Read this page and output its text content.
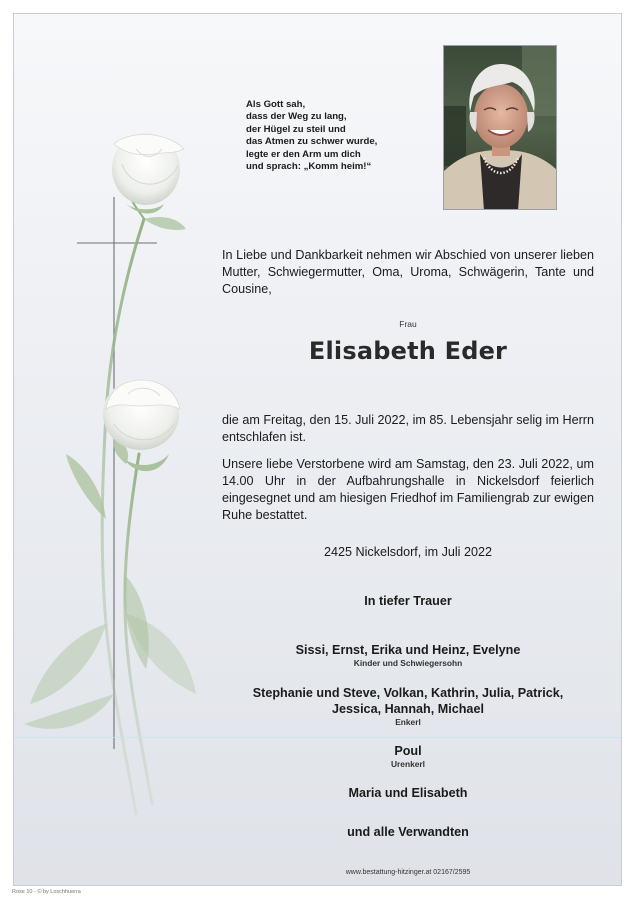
Als Gott sah,
dass der Weg zu lang,
der Hügel zu steil und
das Atmen zu schwer wurde,
legte er den Arm um dich
und sprach: „Komm heim!“
In Liebe und Dankbarkeit nehmen wir Abschied von unserer lieben Mutter, Schwiegermutter, Oma, Uroma, Schwägerin, Tante und Cousine,
Frau
Elisabeth Eder
die am Freitag, den 15. Juli 2022, im 85. Lebensjahr selig im Herrn entschlafen ist.
Unsere liebe Verstorbene wird am Samstag, den 23. Juli 2022, um 14.00 Uhr in der Aufbahrungshalle in Nickelsdorf feierlich eingesegnet und am hiesigen Friedhof im Familiengrab zur ewigen Ruhe bestattet.
2425 Nickelsdorf, im Juli 2022
In tiefer Trauer
Sissi, Ernst, Erika und Heinz, Evelyne
Kinder und Schwiegersohn
Stephanie und Steve, Volkan, Kathrin, Julia, Patrick,
Jessica, Hannah, Michael
Enkerl
Poul
Urenkerl
Maria und Elisabeth
und alle Verwandten
www.bestattung-hitzinger.at 02167/2595
Rose 10 - © by Loschhuerra
